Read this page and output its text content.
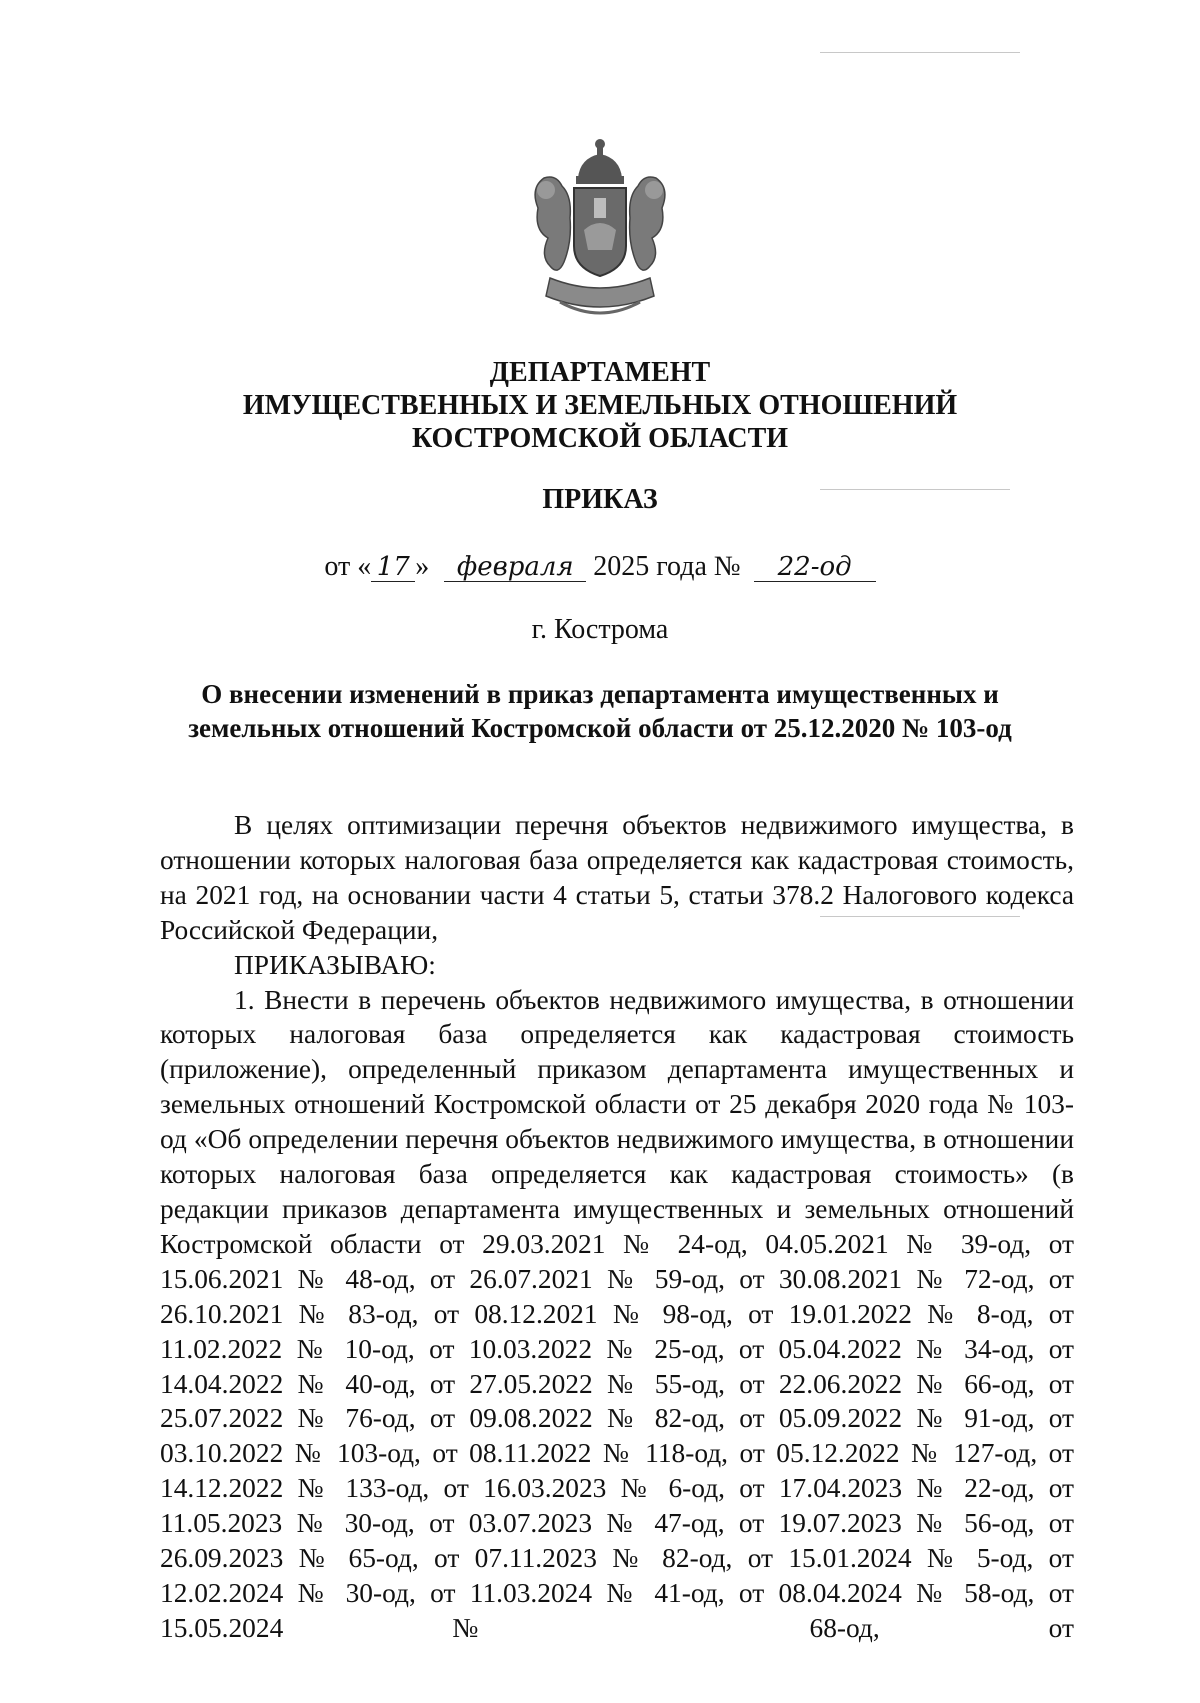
ДЕПАРТАМЕНТ
ИМУЩЕСТВЕННЫХ И ЗЕМЕЛЬНЫХ ОТНОШЕНИЙ
КОСТРОМСКОЙ ОБЛАСТИ
ПРИКАЗ
от « 17 » февраля 2025 года № 22-од
г. Кострома
О внесении изменений в приказ департамента имущественных и
земельных отношений Костромской области от 25.12.2020 № 103-од

В целях оптимизации перечня объектов недвижимого имущества, в отношении которых налоговая база определяется как кадастровая стоимость, на 2021 год, на основании части 4 статьи 5, статьи 378.2 Налогового кодекса Российской Федерации,

ПРИКАЗЫВАЮ:

1. Внести в перечень объектов недвижимого имущества, в отношении которых налоговая база определяется как кадастровая стоимость (приложение), определенный приказом департамента имущественных и земельных отношений Костромской области от 25 декабря 2020 года № 103-од «Об определении перечня объектов недвижимого имущества, в отношении которых налоговая база определяется как кадастровая стоимость» (в редакции приказов департамента имущественных и земельных отношений Костромской области от 29.03.2021 № 24-од, 04.05.2021 № 39-од, от 15.06.2021 № 48-од, от 26.07.2021 № 59-од, от 30.08.2021 № 72-од, от 26.10.2021 № 83-од, от 08.12.2021 № 98-од, от 19.01.2022 № 8-од, от 11.02.2022 № 10-од, от 10.03.2022 № 25-од, от 05.04.2022 № 34-од, от 14.04.2022 № 40-од, от 27.05.2022 № 55-од, от 22.06.2022 № 66-од, от 25.07.2022 № 76-од, от 09.08.2022 № 82-од, от 05.09.2022 № 91-од, от 03.10.2022 № 103-од, от 08.11.2022 № 118-од, от 05.12.2022 № 127-од, от 14.12.2022 № 133-од, от 16.03.2023 № 6-од, от 17.04.2023 № 22-од, от 11.05.2023 № 30-од, от 03.07.2023 № 47-од, от 19.07.2023 № 56-од, от 26.09.2023 № 65-од, от 07.11.2023 № 82-од, от 15.01.2024 № 5-од, от 12.02.2024 № 30-од, от 11.03.2024 № 41-од, от 08.04.2024 № 58-од, от 15.05.2024 № 68-од, от
